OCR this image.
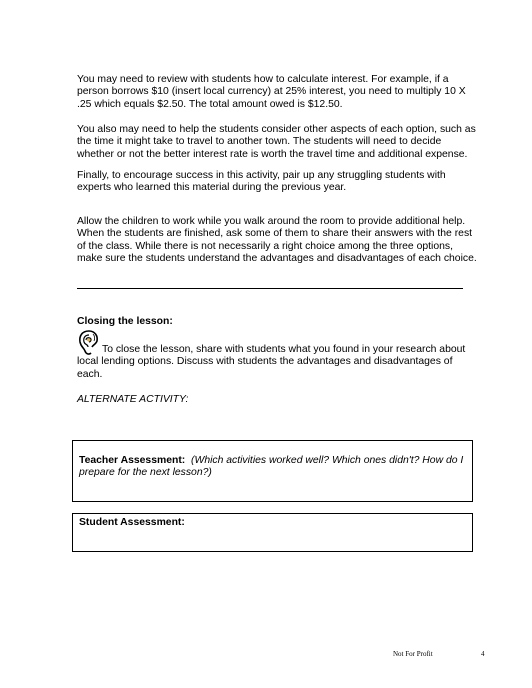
You may need to review with students how to calculate interest. For example, if a person borrows $10 (insert local currency) at 25% interest, you need to multiply 10 X .25 which equals $2.50. The total amount owed is $12.50.

You also may need to help the students consider other aspects of each option, such as the time it might take to travel to another town. The students will need to decide whether or not the better interest rate is worth the travel time and additional expense.

Finally, to encourage success in this activity, pair up any struggling students with experts who learned this material during the previous year.

Allow the children to work while you walk around the room to provide additional help. When the students are finished, ask some of them to share their answers with the rest of the class. While there is not necessarily a right choice among the three options, make sure the students understand the advantages and disadvantages of each choice.

Closing the lesson:

To close the lesson, share with students what you found in your research about local lending options. Discuss with students the advantages and disadvantages of each.

ALTERNATE ACTIVITY:
Teacher Assessment: (Which activities worked well? Which ones didn't? How do I prepare for the next lesson?)
Student Assessment:
Not For Profit	4
